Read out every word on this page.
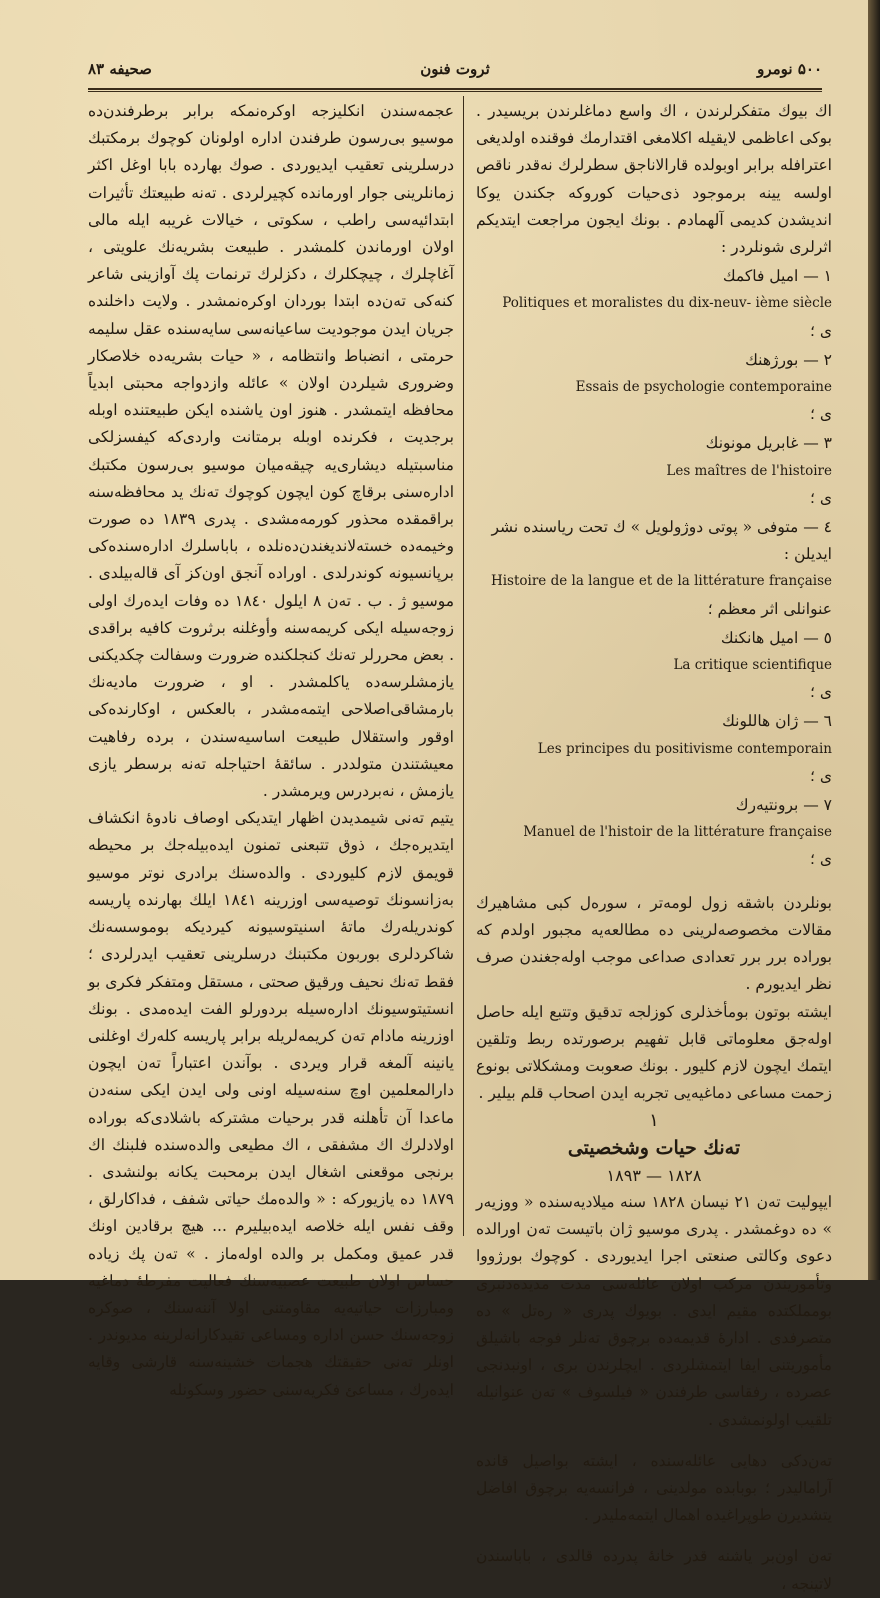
۵۰۰ نومرو
ثروت فنون
صحیفه ۸۳

اك بيوك متفكرلرندن ، اك واسع دماغلرندن بریسیدر . بوكى اعاظمى لايقيله اكلامغى اقتدارمك فوقنده اولديغى اعترافله برابر اوبولده قارالاناجق سطرلرك نه‌قدر ناقص اولسه يينه برموجود ذی‌حیات كوروکه جكندن يوكا انديشدن كدیمى آلهمادم . بونك ايجون مراجعت ايتديكم اثرلری شونلردر :

١ — اميل فاكمك
Politiques et moralistes du dix-neuv- ième siècle
ى ؛
٢ — بورژهنك
Essais de psychologie contemporaine
ى ؛
٣ — غابريل مونونك
Les maîtres de l'histoire
ى ؛
٤ — متوفى « پوتی دوژولویل » ك تحت رياسنده نشر ايدیلن :
Histoire de la langue et de la littérature française
عنوانلى اثر معظم ؛
٥ — اميل هانكنك
La critique scientifique
ى ؛
٦ — ژان هاللونك
Les principes du positivisme contemporain
ى ؛
٧ — برونتيه‌رك
Manuel de l'histoir de la littérature française
ى ؛

بونلردن باشقه زول لومه‌تر ، سوره‌ل كبی مشاهیرك مقالات مخصوصه‌لرینی ده مطالعه‌یه مجبور اولدم كه بوراده برر برر تعدادی صداعی موجب اوله‌جغندن صرف نظر ايدیورم .

ايشته بوتون بومأخذلری كوزلجه تدقيق وتتبع ايله حاصل اوله‌جق معلوماتی قابل تفهيم برصورتده ربط وتلقين ايتمك ايچون لازم كلیور . بونك صعوبت ومشكلاتی بونوع زحمت مساعی دماغیه‌یی تجربه ايدن اصحاب قلم بيلير .

١

تەنك حيات وشخصيتی

١٨٢٨ — ١٨٩٣

ايپوليت تەن ٢١ نيسان ١٨٢٨ سنه ميلادیه‌سنده « ووزيه‌ر » ده دوغمشدر . پدری موسيو ژان باتيست تەن اورالده دعوی وكالتی صنعتی اجرا ايديوردی . كوچوك بورژووا وتأموريندن مركب اولان عائله‌سی مدت مديده‌دنبری بومملكتده مقيم ايدی . بويوك پدری « رەتل » ده متصرفدی . ادارهٔ قديمه‌ده برچوق تەنلر فوجه باشيلق مأموريتنی ايفا ايتمشلردی . ايچلرندن بری ، اونبدنجی عصرده ، رفقاسی طرفندن « فيلسوف » تەن عنوانيله تلقيب اولونمشدی .

تەن‌دكی دهايی عائله‌سنده ، ايشته بواصيل قانده آرامالیدر ؛ بوبابده مولدينی ، فرانسه‌يه برچوق افاضل يتشدیرن طوپراغیده اهمال ايتمه‌ملیدر .

تەن اون‌بر ياشنه قدر خانهٔ پدرده قالدی ، باباسندن لاتينجه ،

عجمه‌سندن انكليزجه اوكره‌نمكه برابر برطرفندن‌ده موسيو بی‌رسون طرفندن اداره اولونان كوچوك برمكتبك درسلرینی تعقيب ايديوردی . صوك بهارده بابا اوغل اكثر زمانلرینی جوار اورمانده كچيرلردی . تەنه طبيعتك تأثيرات ابتدائيه‌سی راطب ، سكوتی ، خيالات غريبه ايله مالی اولان اورماندن كلمشدر . طبيعت بشريه‌نك علويتی ، آغاچلرك ، چيچكلرك ، دكزلرك ترنمات پك آوازینی شاعر كنه‌كی تەن‌ده ابتدا بوردان اوكره‌نمشدر . ولايت داخلنده جريان ايدن موجوديت ساعيانه‌سی سايه‌سنده عقل سليمه حرمتی ، انضباط وانتظامه ، « حيات بشريه‌ده خلاصكار وضروری شيلردن اولان » عائله وازدواجه محبتی ابدياً محافظه ايتمشدر . هنوز اون ياشنده ايكن طبيعتنده اوبله برجديت ، فكرنده اوبله برمتانت واردی‌كه كيفسزلكی مناسبتيله ديشاری‌يه چيقه‌ميان موسيو بی‌رسون مكتبك اداره‌سنی برقاچ كون ايچون كوچوك تەنك يد محافظه‌سنه براقمقده محذور كورمه‌مشدی . پدری ١٨٣٩ ده صورت وخيمه‌ده خسته‌لانديغندن‌ده‌نلده ، باباسلرك اداره‌سنده‌كی برپانسيونه كوندرلدی . اوراده آنجق اون‌كز آی قاله‌بيلدی . موسيو ژ . ب . تەن ٨ ايلول ١٨٤٠ ده وفات ايدەرك اولی زوجه‌سيله ايكی كريمه‌سنه وأوغلنه برثروت كافيه براقدی . بعض محررلر تەنك كنجلكنده ضرورت وسفالت چكديكنی يازمشلرسه‌ده ياكلمشدر . او ، ضرورت ماديه‌نك بارمشاقی‌اصلاحی ايتمه‌مشدر ، بالعكس ، اوكارنده‌كی اوقور واستقلال طبيعت اساسيه‌سندن ، برده رفاهيت معيشتندن متولددر . سائقهٔ احتياجله تەنه برسطر يازی يازمش ، نه‌بردرس ويرمشدر .

يتيم تەنی شيمديدن اظهار ايتديكی اوصاف نادوهٔ انكشاف ايتديره‌جك ، ذوق تتبعنی تمنون ايده‌بيله‌جك بر محيطه قويمق لازم كلیوردی . والده‌سنك برادری نوتر موسيو بەزانسونك توصيه‌سی اوزرينه ١٨٤١ ايلك بهارنده پاریسه كوندريلەرك ماتهٔ اسنيتوسيونه كيردیكه بوموسسه‌نك شاكردلری بوربون مكتبنك درسلرینی تعقيب ايدرلردی ؛ فقط تەنك نحيف ورقيق صحتی ، مستقل ومتفكر فكری بو انستيتوسيونك اداره‌سيله بردورلو الفت ايده‌مدی . بونك اوزرينه مادام تەن كريمه‌لريله برابر پاریسه كله‌رك اوغلنی يانينه آلمغه قرار ويردی . بوآندن اعتباراً تەن ايچون دارالمعلمين اوچ سنه‌سيله اونی ولی ايدن ايكی سنه‌دن ماعدا آن تأهلنه قدر برحيات مشتركه باشلادی‌كه بوراده اولادلرك اك مشفقی ، اك مطيعی والده‌سنده فلبنك اك برنجی موقعنی اشغال ايدن برمحبت يكانه بولنشدی . ١٨٧٩ ده يازیوركه : « والده‌مك حياتی شفف ، فداكارلق ، وقف نفس ايله خلاصه ايده‌بيليرم ... هيچ برقادين اونك قدر عميق ومكمل بر والده اوله‌ماز . » تەن پك زياده حساس اولان طبيعت عصبيه‌سنك فعاليت مفرطهٔ دماغيه ومبارزات حياتيه‌يه مقاومتنی اولا آننه‌سنك ، صوكره زوجه‌سنك حسن اداره ومساعی تقيدكارانه‌لرينه مديوندر . اونلر تەنی حقيقتك هجمات خشينه‌سنه قارشی وقايه ايده‌رك ، مساعئ فكريه‌سنی حضور وسكونله
